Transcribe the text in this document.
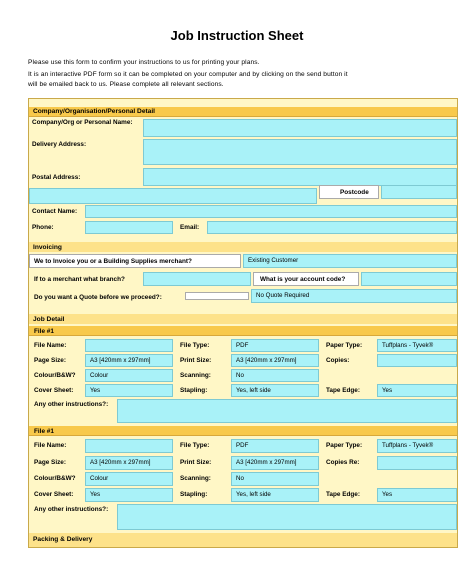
Job Instruction Sheet
Please use this form to confirm your instructions to us for printing your plans.
It is an interactive PDF form so it can be completed on your computer and by clicking on the send button it
will be emailed back to us. Please complete all relevant sections.
Company/Organisation/Personal Detail
Company/Org or Personal Name:
Delivery Address:
Postal Address:
Postcode
Contact Name:
Phone:	Email:
Invoicing
We to Invoice you or a Building Supplies merchant?	Existing Customer
If to a merchant what branch?	What is your account code?
Do you want a Quote before we proceed?:	No Quote Required
Job Detail
File #1
File Name:	File Type:	PDF	Paper Type:	Tuffplans - Tyvek®
Page Size:	A3 [420mm x 297mm]	Print Size:	A3 [420mm x 297mm]	Copies:
Colour/B&W?	Colour	Scanning:	No
Cover Sheet:	Yes	Stapling:	Yes, left side	Tape Edge:	Yes
Any other instructions?:
File #1
File Name:	File Type:	PDF	Paper Type:	Tuffplans - Tyvek®
Page Size:	A3 [420mm x 297mm]	Print Size:	A3 [420mm x 297mm]	Copies Re:
Colour/B&W?	Colour	Scanning:	No
Cover Sheet:	Yes	Stapling:	Yes, left side	Tape Edge:	Yes
Any other instructions?:
Packing & Delivery
